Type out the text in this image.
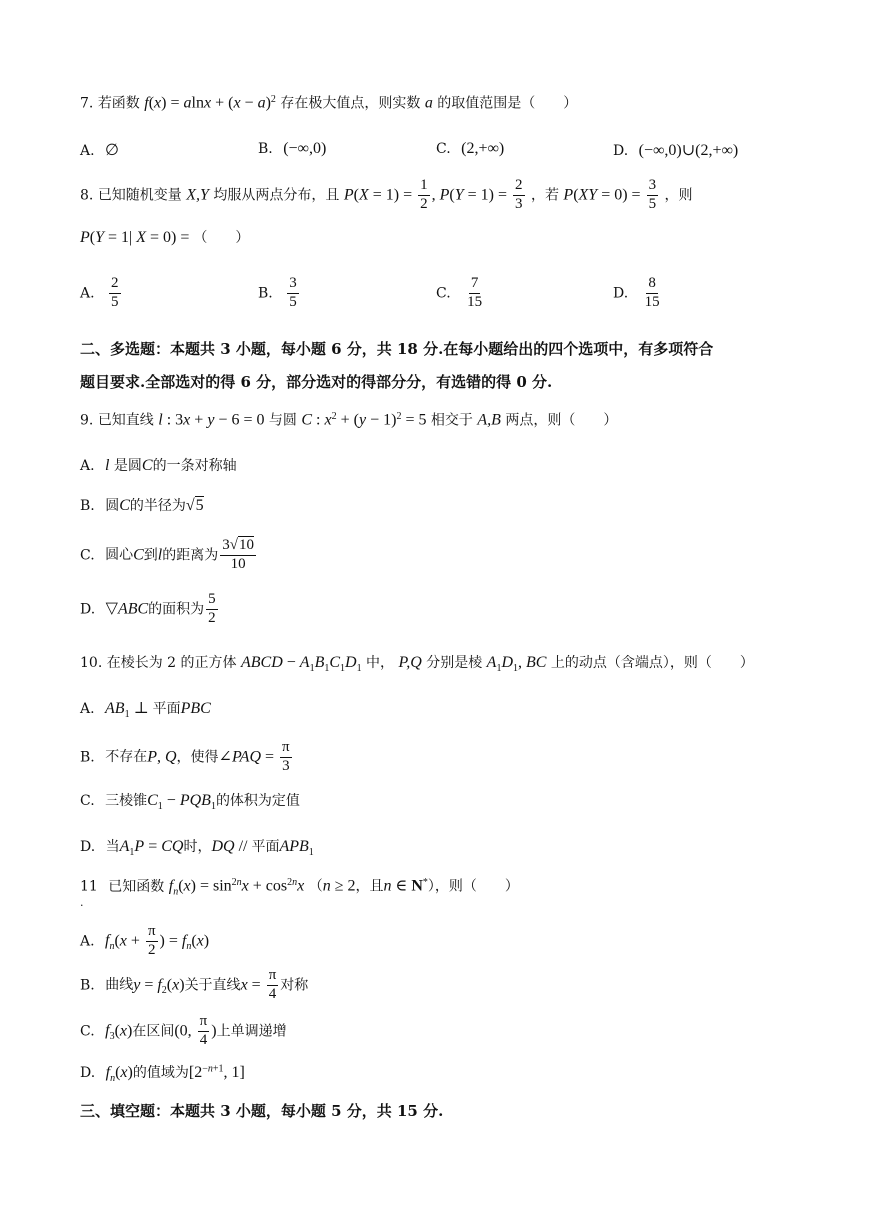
7. 若函数 $f(x) = alnx + (x - a)^2$ 存在极大值点，则实数 a 的取值范围是（　　）
A. ∅	B. (−∞,0)	C. (2,+∞)	D. (−∞,0)∪(2,+∞)
8. 已知随机变量 X,Y 均服从两点分布，且 $P(X = 1) = \frac{1}{2}$ , $P(Y = 1) = \frac{2}{3}$ ，若 $P(XY = 0) = \frac{3}{5}$ ，则
P(Y = 1| X = 0) = （　　）
A. $\frac{2}{5}$	B. $\frac{3}{5}$	C. $\frac{7}{15}$	D. $\frac{8}{15}$
二、多选题：本题共 3 小题，每小题 6 分，共 18 分.在每小题给出的四个选项中，有多项符合
题目要求.全部选对的得 6 分，部分选对的得部分分，有选错的得 0 分.
9. 已知直线 l : 3x + y − 6 = 0 与圆 C : $x^2 + (y - 1)^2 = 5$ 相交于 A,B 两点，则（　　）
A. l 是圆C的一条对称轴
B. 圆C的半径为√5
C. 圆心C到l的距离为 $\frac{3√10}{10}$
D. ▽ABC的面积为 $\frac{5}{2}$
10. 在棱长为 2 的正方体 ABCD − $A_1B_1C_1D_1$ 中， P,Q 分别是棱 $A_1D_1$, BC 上的动点（含端点），则（　　）
A. $AB_1$ ⊥ 平面PBC
B. 不存在P, Q，使得∠PAQ = $\frac{\pi}{3}$
C. 三棱锥$C_1 - PQB_1$的体积为定值
D. 当$A_1P$ = CQ时，DQ // 平面$APB_1$
11 已知函数 $f_n(x) = \sin^{2n}x + \cos^{2n}x$ （n ≥ 2，且n ∈ N*），则（　　）
.
A. $f_n(x + \frac{\pi}{2}$ ) = $f_n(x)$
B. 曲线$y = f_2(x)$关于直线$x = \frac{\pi}{4}$ 对称
C. $f_3(x)$在区间(0, $\frac{\pi}{4}$ )上单调递增
D. $f_n(x)$的值域为[$2^{-n+1}$, 1]
三、填空题：本题共 3 小题，每小题 5 分，共 15 分.
